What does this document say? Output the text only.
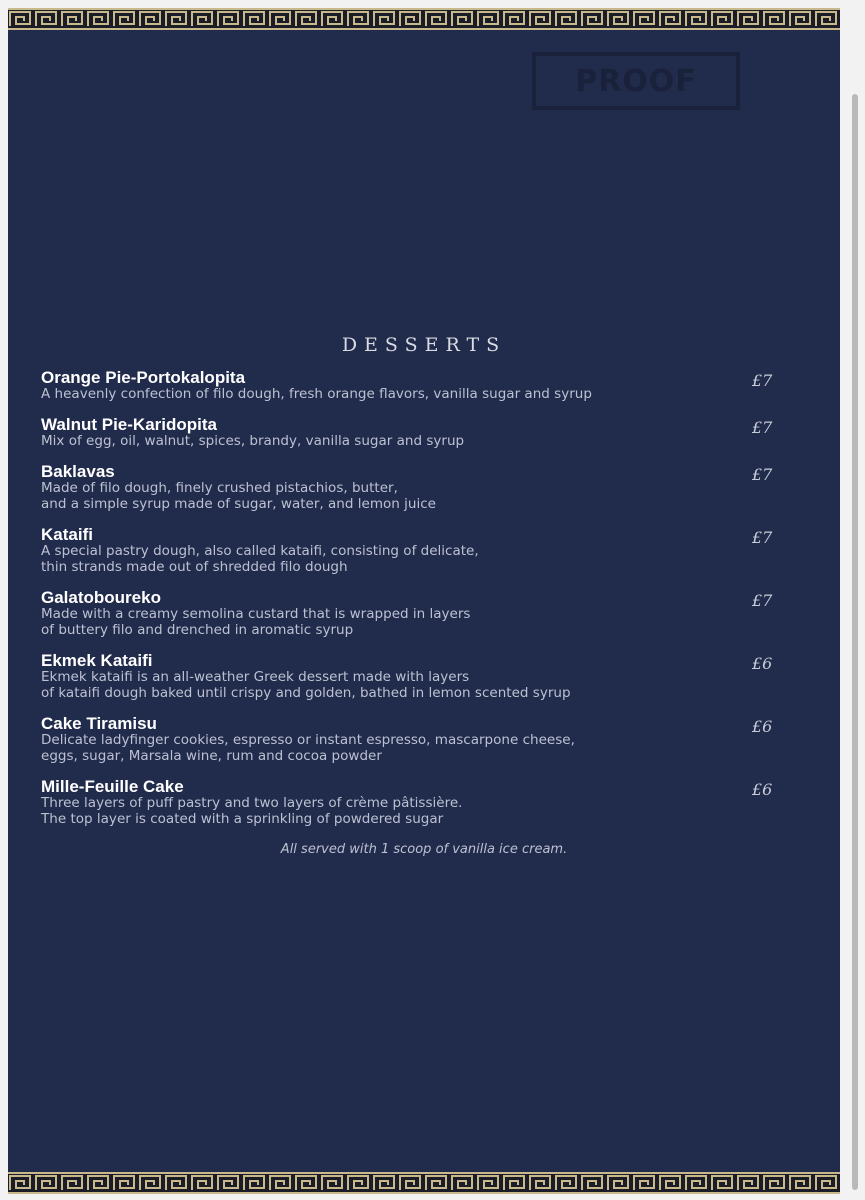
PROOF
DESSERTS
Orange Pie-Portokalopita
A heavenly confection of filo dough, fresh orange flavors, vanilla sugar and syrup
£7
Walnut Pie-Karidopita
Mix of egg, oil, walnut, spices, brandy, vanilla sugar and syrup
£7
Baklavas
Made of filo dough, finely crushed pistachios, butter,
and a simple syrup made of sugar, water, and lemon juice
£7
Kataifi
A special pastry dough, also called kataifi, consisting of delicate,
thin strands made out of shredded filo dough
£7
Galatoboureko
Made with a creamy semolina custard that is wrapped in layers
of buttery filo and drenched in aromatic syrup
£7
Ekmek Kataifi
Ekmek kataifi is an all-weather Greek dessert made with layers
of kataifi dough baked until crispy and golden, bathed in lemon scented syrup
£6
Cake Tiramisu
Delicate ladyfinger cookies, espresso or instant espresso, mascarpone cheese,
eggs, sugar, Marsala wine, rum and cocoa powder
£6
Mille-Feuille Cake
Three layers of puff pastry and two layers of crème pâtissière.
The top layer is coated with a sprinkling of powdered sugar
£6
All served with 1 scoop of vanilla ice cream.
